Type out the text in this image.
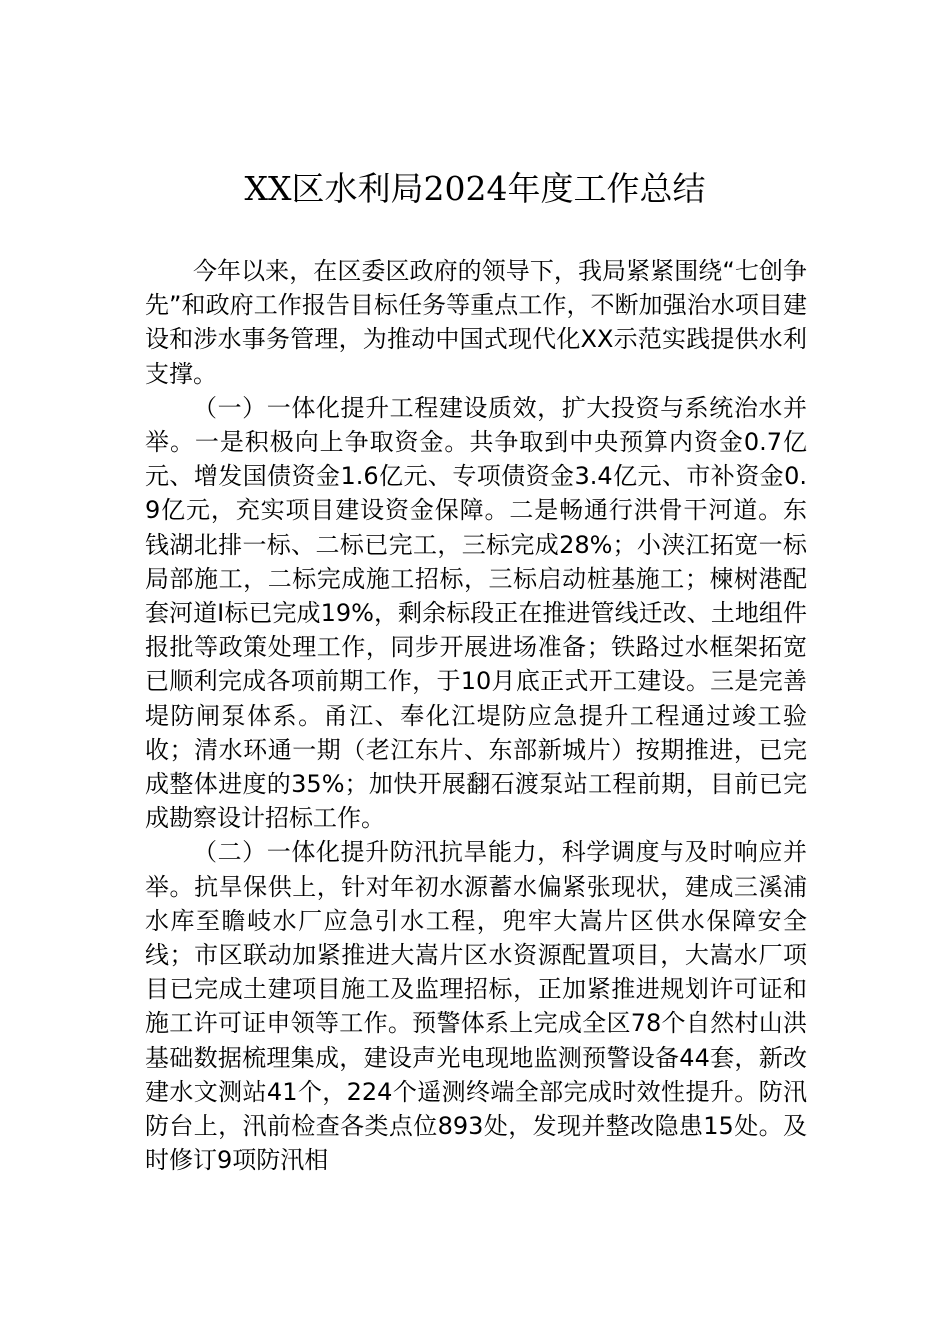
XX区水利局2024年度工作总结

今年以来，在区委区政府的领导下，我局紧紧围绕“七创争先”和政府工作报告目标任务等重点工作，不断加强治水项目建设和涉水事务管理，为推动中国式现代化XX示范实践提供水利支撑。

（一）一体化提升工程建设质效，扩大投资与系统治水并举。一是积极向上争取资金。共争取到中央预算内资金0.7亿元、增发国债资金1.6亿元、专项债资金3.4亿元、市补资金0.9亿元，充实项目建设资金保障。二是畅通行洪骨干河道。东钱湖北排一标、二标已完工，三标完成28%；小浃江拓宽一标局部施工，二标完成施工招标，三标启动桩基施工；楝树港配套河道Ⅰ标已完成19%，剩余标段正在推进管线迁改、土地组件报批等政策处理工作，同步开展进场准备；铁路过水框架拓宽已顺利完成各项前期工作，于10月底正式开工建设。三是完善堤防闸泵体系。甬江、奉化江堤防应急提升工程通过竣工验收；清水环通一期（老江东片、东部新城片）按期推进，已完成整体进度的35%；加快开展翻石渡泵站工程前期，目前已完成勘察设计招标工作。

（二）一体化提升防汛抗旱能力，科学调度与及时响应并举。抗旱保供上，针对年初水源蓄水偏紧张现状，建成三溪浦水库至瞻岐水厂应急引水工程，兜牢大嵩片区供水保障安全线；市区联动加紧推进大嵩片区水资源配置项目，大嵩水厂项目已完成土建项目施工及监理招标，正加紧推进规划许可证和施工许可证申领等工作。预警体系上完成全区78个自然村山洪基础数据梳理集成，建设声光电现地监测预警设备44套，新改建水文测站41个，224个遥测终端全部完成时效性提升。防汛防台上，汛前检查各类点位893处，发现并整改隐患15处。及时修订9项防汛相
